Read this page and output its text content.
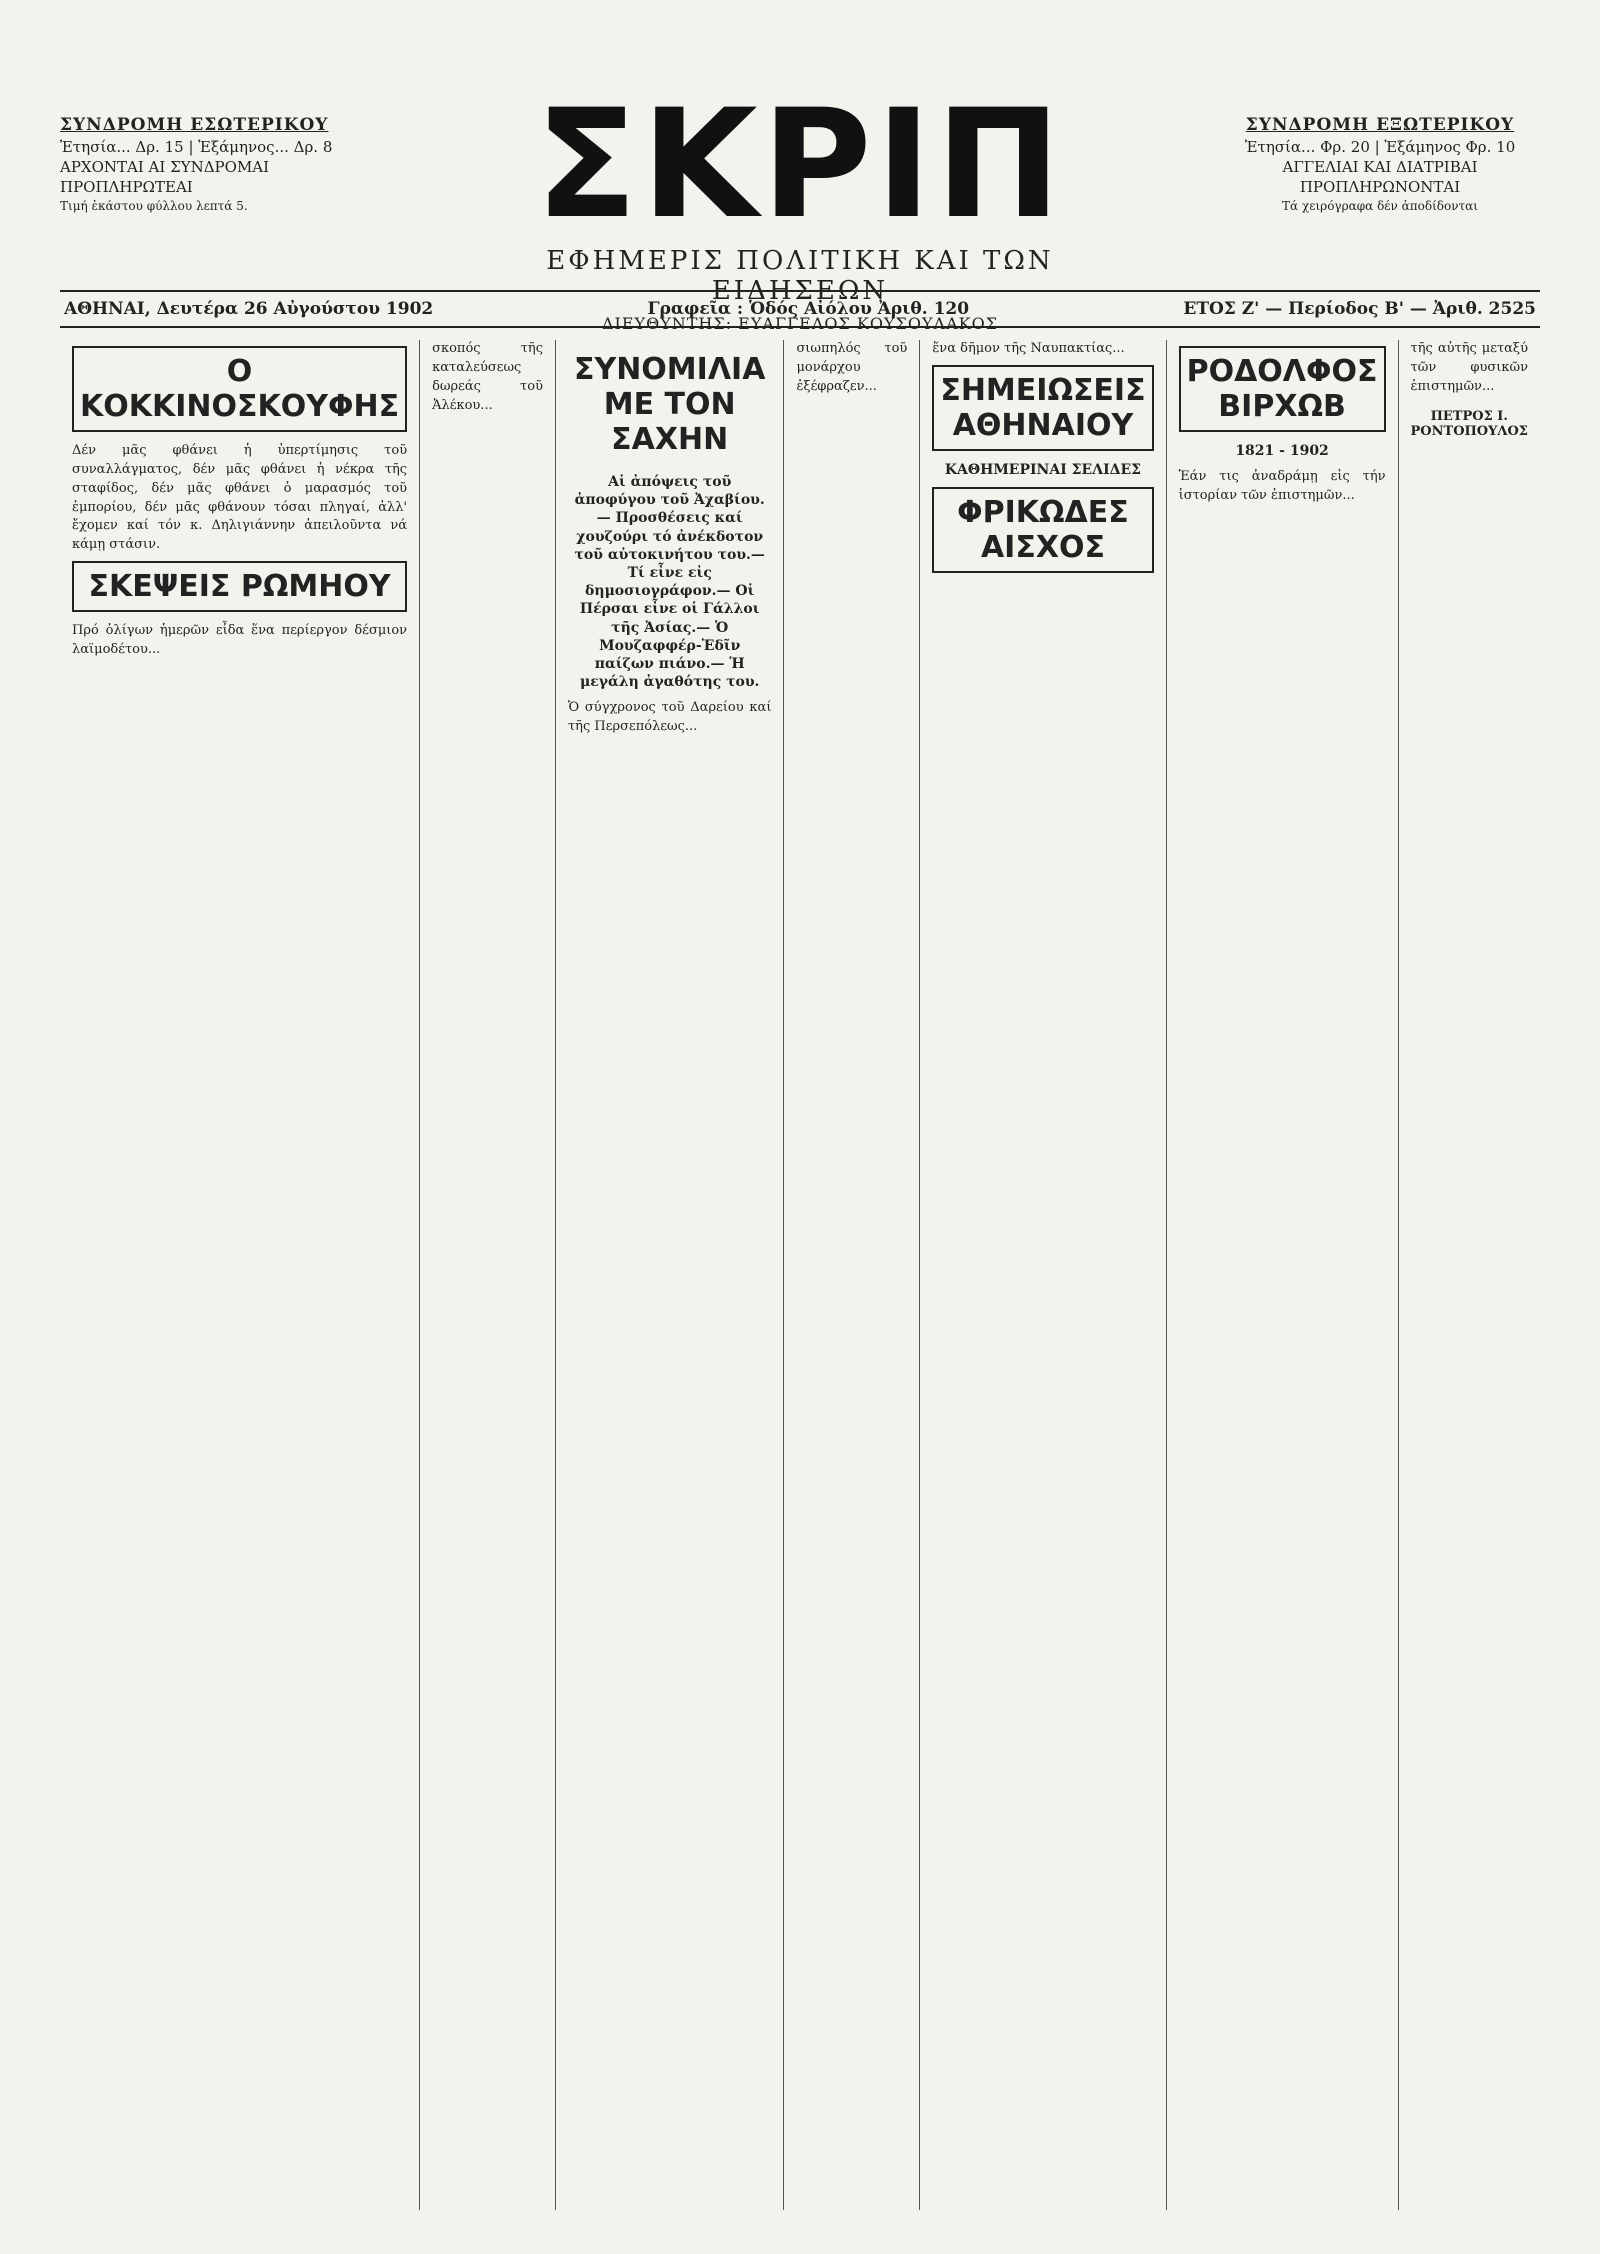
ΣΥΝΔΡΟΜΗ ΕΣΩΤΕΡΙΚΟΥ
Ἐτησία... Δρ. 15 | Ἑξάμηνος... Δρ. 8
ΑΡΧΟΝΤΑΙ ΑΙ ΣΥΝΔΡΟΜΑΙ
ΠΡΟΠΛΗΡΩΤΕΑΙ
Τιμή ἑκάστου φύλλου λεπτά 5.	ΣΚΡΙΠ
ΕΦΗΜΕΡΙΣ ΠΟΛΙΤΙΚΗ ΚΑΙ ΤΩΝ ΕΙΔΗΣΕΩΝ
ΔΙΕΥΘΥΝΤΗΣ: ΕΥΑΓΓΕΛΟΣ ΚΟΥΣΟΥΛΑΚΟΣ
ΣΥΝΔΡΟΜΗ ΕΞΩΤΕΡΙΚΟΥ
Ἐτησία... Φρ. 20 | Ἑξάμηνος Φρ. 10
ΑΓΓΕΛΙΑΙ ΚΑΙ ΔΙΑΤΡΙΒΑΙ
ΠΡΟΠΛΗΡΩΝΟΝΤΑΙ
Τά χειρόγραφα δέν ἀποδίδονται
ΑΘΗΝΑΙ, Δευτέρα 26 Αὐγούστου 1902	Γραφεῖα : Ὁδός Αἰόλου Ἀριθ. 120	ΕΤΟΣ Ζ' — Περίοδος Β' — Ἀριθ. 2525
Ο ΚΟΚΚΙΝΟΣΚΟΥΦΗΣ
Δέν μᾶς φθάνει ἡ ὑπερτίμησις τοῦ συναλλάγματος, δέν μᾶς φθάνει ἡ νέκρα τῆς σταφίδος, δέν μᾶς φθάνει ὁ μαρασμός τοῦ ἐμπορίου, δέν μᾶς φθάνουν τόσαι πληγαί, ἀλλ' ἔχομεν καί τόν κ. Δηλιγιάννην ἀπειλοῦντα νά κάμῃ στάσιν.
ΣΚΕΨΕΙΣ ΡΩΜΗΟΥ
Πρό ὀλίγων ἡμερῶν εἶδα ἕνα περίεργον δέσμιον λαϊμοδέτου...
σκοπός τῆς καταλεύσεως δωρεάς τοῦ Ἀλέκου...
ΣΥΝΟΜΙΛΙΑ ΜΕ ΤΟΝ ΣΑΧΗΝ
Αἱ ἀπόψεις τοῦ ἀποφύγου τοῦ Ἀχαβίου.— Προσθέσεις καί χουζούρι τό ἀνέκδοτον τοῦ αὐτοκινήτου του.— Τί εἶνε εἰς δημοσιογράφον.— Οἱ Πέρσαι εἶνε οἱ Γάλλοι τῆς Ἀσίας.— Ὁ Μουζαφφέρ-Ἐδῖν παίζων πιάνο.— Ἡ μεγάλη ἀγαθότης του.
Ὁ σύγχρονος τοῦ Δαρείου καί τῆς Περσεπόλεως...
σιωπηλός τοῦ μονάρχου ἐξέφραζεν...
ἕνα δῆμον τῆς Ναυπακτίας...
ΣΗΜΕΙΩΣΕΙΣ ΑΘΗΝΑΙΟΥ
ΚΑΘΗΜΕΡΙΝΑΙ ΣΕΛΙΔΕΣ
ΦΡΙΚΩΔΕΣ ΑΙΣΧΟΣ
ΡΟΔΟΛΦΟΣ ΒΙΡΧΩΒ
1821 - 1902
Ἐάν τις ἀναδράμῃ εἰς τήν ἱστορίαν τῶν ἐπιστημῶν...
τῆς αὐτῆς μεταξύ τῶν φυσικῶν ἐπιστημῶν...
ΠΕΤΡΟΣ Ι. ΡΟΝΤΟΠΟΥΛΟΣ
